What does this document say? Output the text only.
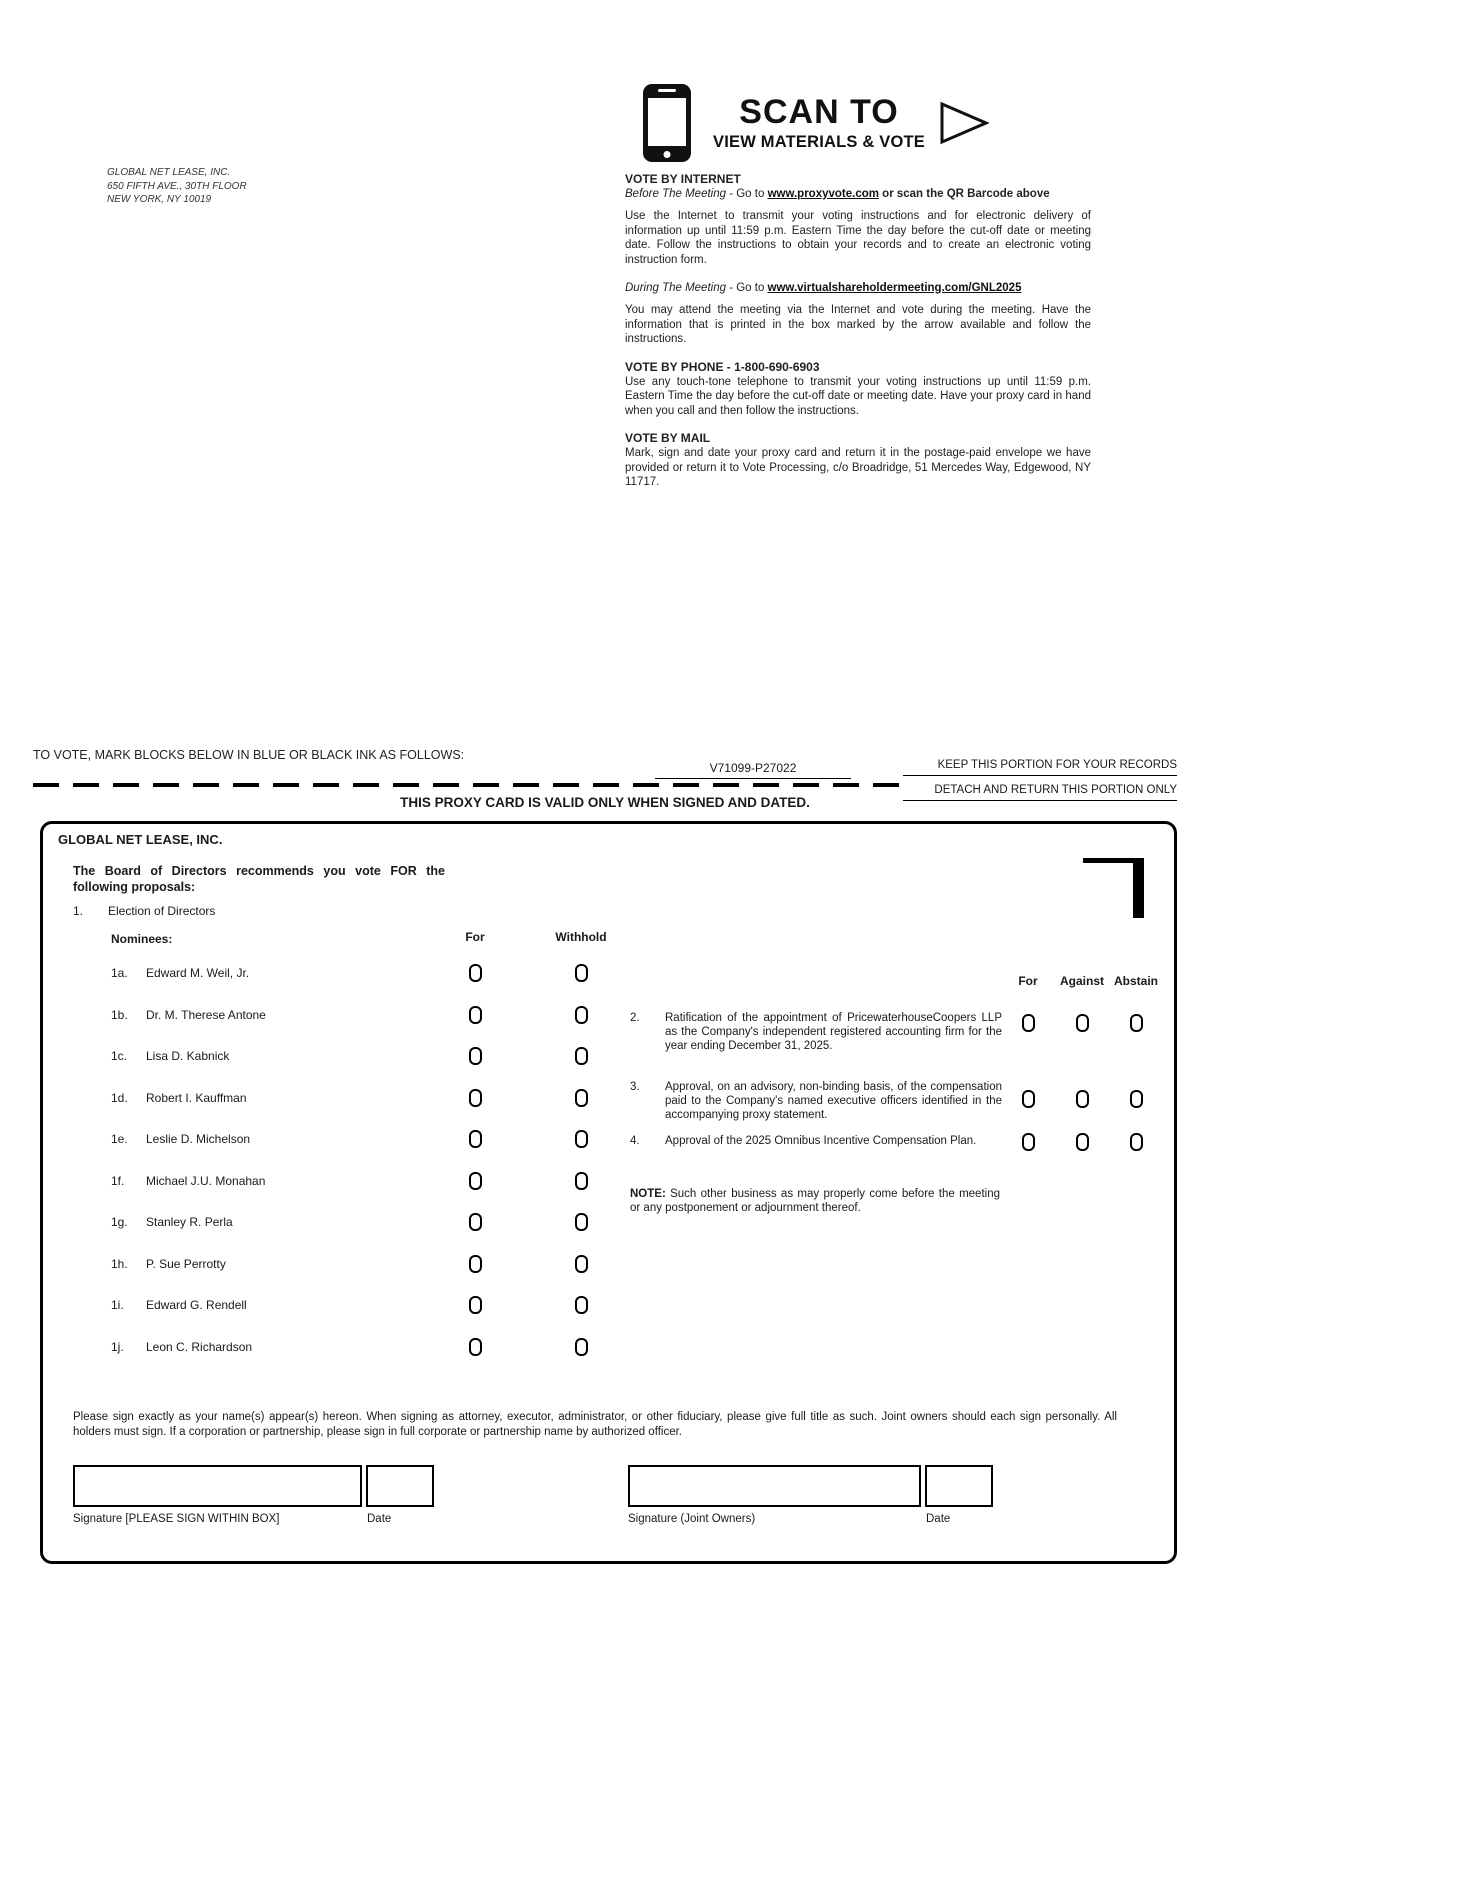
GLOBAL NET LEASE, INC.
650 FIFTH AVE., 30TH FLOOR
NEW YORK, NY 10019
SCAN TO
VIEW MATERIALS & VOTE
VOTE BY INTERNET
Before The Meeting - Go to www.proxyvote.com or scan the QR Barcode above
Use the Internet to transmit your voting instructions and for electronic delivery of information up until 11:59 p.m. Eastern Time the day before the cut-off date or meeting date. Follow the instructions to obtain your records and to create an electronic voting instruction form.
During The Meeting - Go to www.virtualshareholdermeeting.com/GNL2025
You may attend the meeting via the Internet and vote during the meeting. Have the information that is printed in the box marked by the arrow available and follow the instructions.
VOTE BY PHONE - 1-800-690-6903
Use any touch-tone telephone to transmit your voting instructions up until 11:59 p.m. Eastern Time the day before the cut-off date or meeting date. Have your proxy card in hand when you call and then follow the instructions.
VOTE BY MAIL
Mark, sign and date your proxy card and return it in the postage-paid envelope we have provided or return it to Vote Processing, c/o Broadridge, 51 Mercedes Way, Edgewood, NY 11717.
TO VOTE, MARK BLOCKS BELOW IN BLUE OR BLACK INK AS FOLLOWS:
V71099-P27022	KEEP THIS PORTION FOR YOUR RECORDS
THIS PROXY CARD IS VALID ONLY WHEN SIGNED AND DATED.
DETACH AND RETURN THIS PORTION ONLY
GLOBAL NET LEASE, INC.
The Board of Directors recommends you vote FOR the following proposals:
1. Election of Directors
Nominees:	For	Withhold
1a. Edward M. Weil, Jr.
1b. Dr. M. Therese Antone
1c. Lisa D. Kabnick
1d. Robert I. Kauffman
1e. Leslie D. Michelson
1f. Michael J.U. Monahan
1g. Stanley R. Perla
1h. P. Sue Perrotty
1i. Edward G. Rendell
1j. Leon C. Richardson
For	Against Abstain
2. Ratification of the appointment of PricewaterhouseCoopers LLP as the Company's independent registered accounting firm for the year ending December 31, 2025.
3. Approval, on an advisory, non-binding basis, of the compensation paid to the Company's named executive officers identified in the accompanying proxy statement.
4. Approval of the 2025 Omnibus Incentive Compensation Plan.
NOTE: Such other business as may properly come before the meeting or any postponement or adjournment thereof.
Please sign exactly as your name(s) appear(s) hereon. When signing as attorney, executor, administrator, or other fiduciary, please give full title as such. Joint owners should each sign personally. All holders must sign. If a corporation or partnership, please sign in full corporate or partnership name by authorized officer.
Signature [PLEASE SIGN WITHIN BOX]	Date	Signature (Joint Owners)	Date
